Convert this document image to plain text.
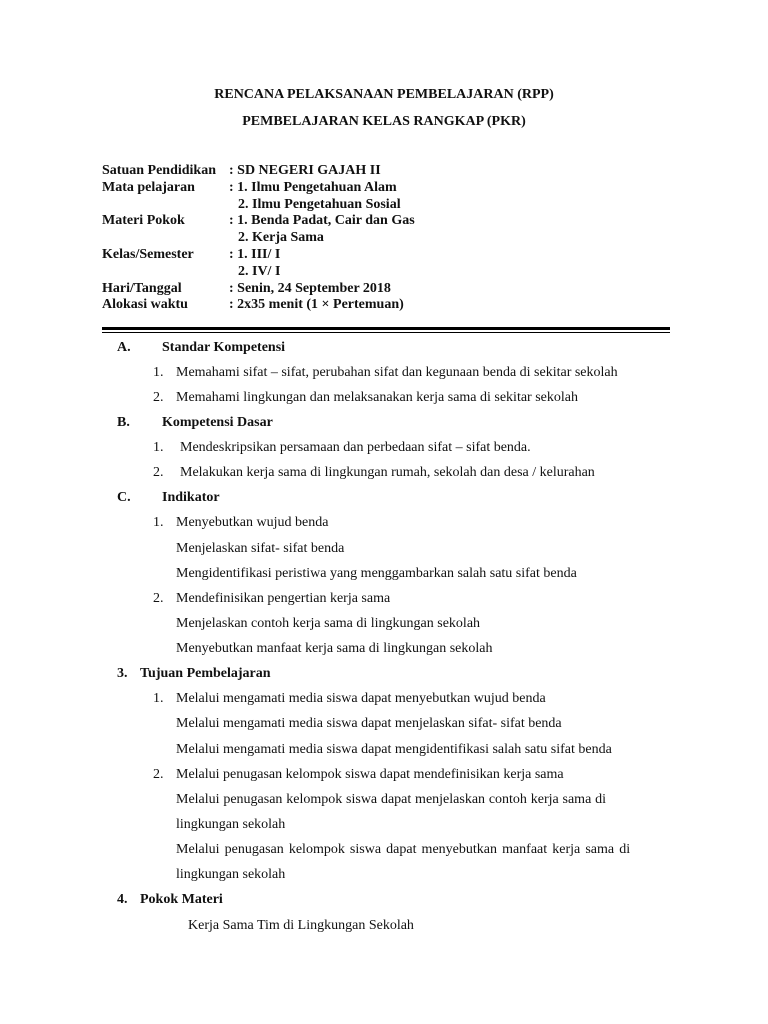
RENCANA PELAKSANAAN PEMBELAJARAN (RPP)
PEMBELAJARAN KELAS RANGKAP (PKR)
Satuan Pendidikan : SD NEGERI GAJAH II
Mata pelajaran : 1. Ilmu Pengetahuan Alam
2. Ilmu Pengetahuan Sosial
Materi Pokok	: 1. Benda Padat, Cair dan Gas
2. Kerja Sama
Kelas/Semester	: 1. III/ I
2. IV/ I
Hari/Tanggal	: Senin, 24 September 2018
Alokasi waktu	: 2x35 menit (1 × Pertemuan)
A. Standar Kompetensi
1. Memahami sifat – sifat, perubahan sifat dan kegunaan benda di sekitar sekolah
2. Memahami lingkungan dan melaksanakan kerja sama di sekitar sekolah
B. Kompetensi Dasar
1. Mendeskripsikan persamaan dan perbedaan sifat – sifat benda.
2. Melakukan kerja sama di lingkungan rumah, sekolah dan desa / kelurahan
C. Indikator
1. Menyebutkan wujud benda
Menjelaskan sifat- sifat benda
Mengidentifikasi peristiwa yang menggambarkan salah satu sifat benda
2. Mendefinisikan pengertian kerja sama
Menjelaskan contoh kerja sama di lingkungan sekolah
Menyebutkan manfaat kerja sama di lingkungan sekolah
3. Tujuan Pembelajaran
1. Melalui mengamati media siswa dapat menyebutkan wujud benda
Melalui mengamati media siswa dapat menjelaskan sifat- sifat benda
Melalui mengamati media siswa dapat mengidentifikasi salah satu sifat benda
2. Melalui penugasan kelompok siswa dapat mendefinisikan kerja sama
Melalui penugasan kelompok siswa dapat menjelaskan contoh kerja sama di
lingkungan sekolah
Melalui penugasan kelompok siswa dapat menyebutkan manfaat kerja sama di
lingkungan sekolah
4. Pokok Materi
Kerja Sama Tim di Lingkungan Sekolah
